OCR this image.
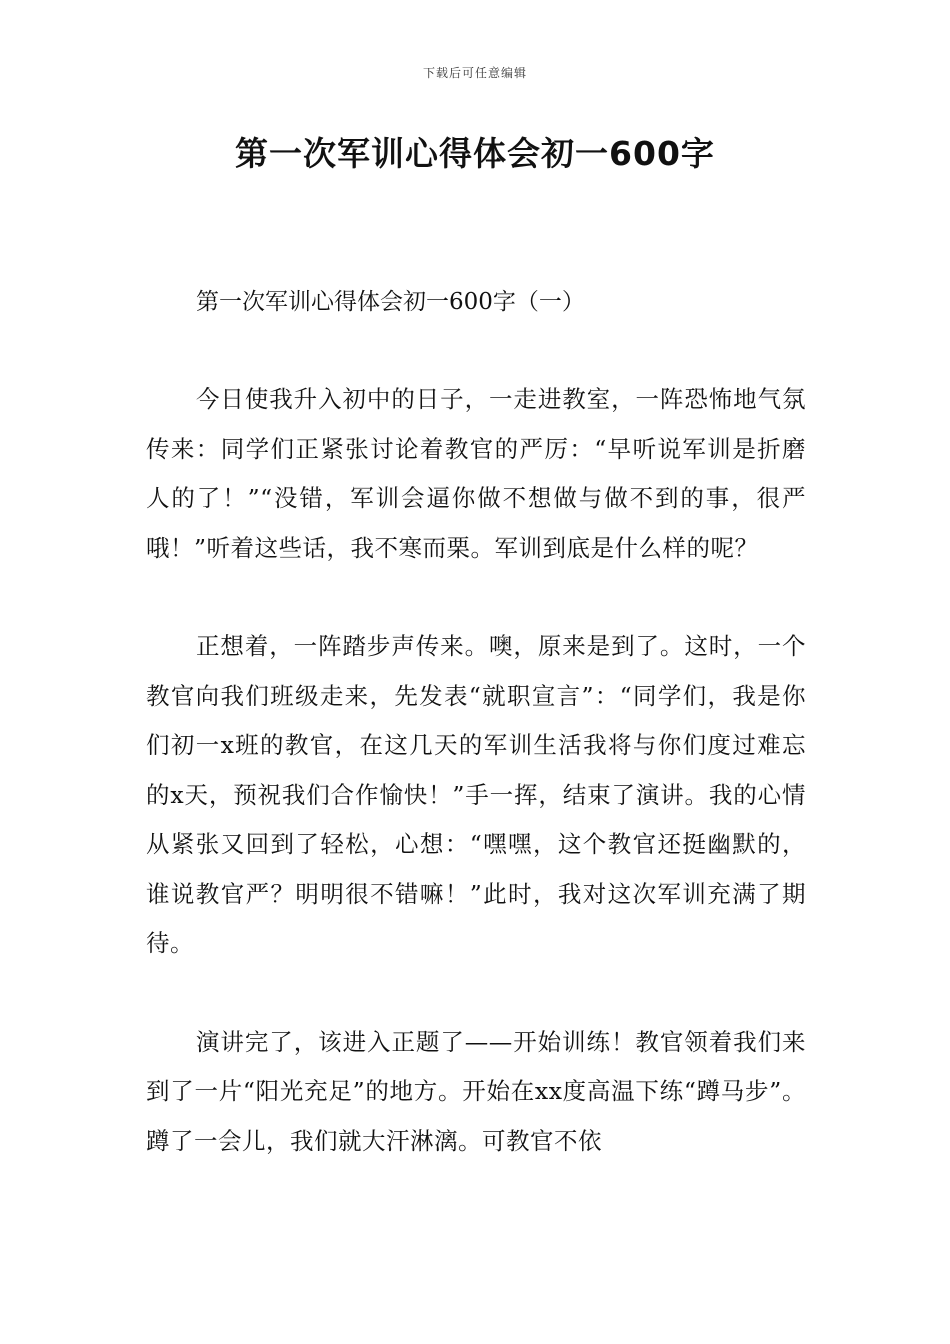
下载后可任意编辑
第一次军训心得体会初一600字

第一次军训心得体会初一600字（一）

今日使我升入初中的日子，一走进教室，一阵恐怖地气氛传来：同学们正紧张讨论着教官的严厉：“早听说军训是折磨人的了！”“没错，军训会逼你做不想做与做不到的事，很严哦！”听着这些话，我不寒而栗。军训到底是什么样的呢？

正想着，一阵踏步声传来。噢，原来是到了。这时，一个教官向我们班级走来，先发表“就职宣言”：“同学们，我是你们初一x班的教官，在这几天的军训生活我将与你们度过难忘的x天，预祝我们合作愉快！”手一挥，结束了演讲。我的心情从紧张又回到了轻松，心想：“嘿嘿，这个教官还挺幽默的，谁说教官严？明明很不错嘛！”此时，我对这次军训充满了期待。

演讲完了，该进入正题了——开始训练！教官领着我们来到了一片“阳光充足”的地方。开始在xx度高温下练“蹲马步”。蹲了一会儿，我们就大汗淋漓。可教官不依
